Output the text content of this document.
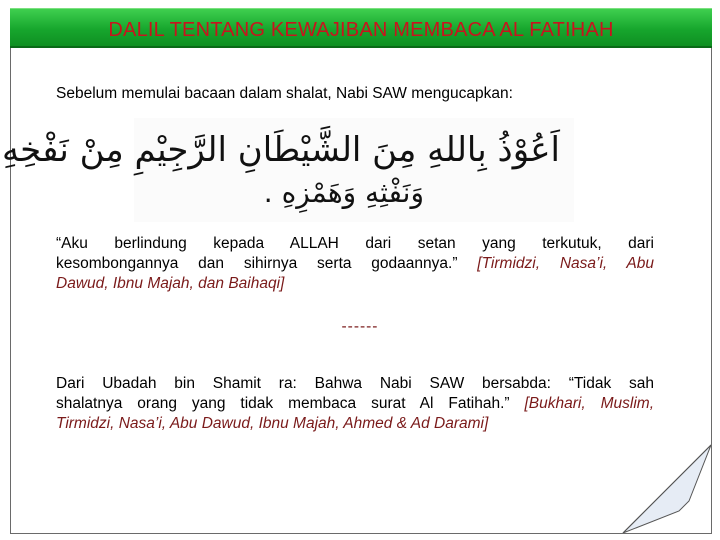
DALIL TENTANG KEWAJIBAN MEMBACA AL FATIHAH
Sebelum memulai bacaan dalam shalat, Nabi SAW mengucapkan:
اَعُوْذُ بِاللهِ مِنَ الشَّيْطَانِ الرَّجِيْمِ مِنْ نَفْخِهِ
وَنَفْثِهِ وَهَمْزِهِ .
“Aku berlindung kepada ALLAH dari setan yang terkutuk, dari
kesombongannya dan sihirnya serta godaannya.” [Tirmidzi, Nasa’i, Abu
Dawud, Ibnu Majah, dan Baihaqi]
------
Dari Ubadah bin Shamit ra: Bahwa Nabi SAW bersabda: “Tidak sah
shalatnya orang yang tidak membaca surat Al Fatihah.” [Bukhari, Muslim,
Tirmidzi, Nasa’i, Abu Dawud, Ibnu Majah, Ahmed & Ad Darami]
